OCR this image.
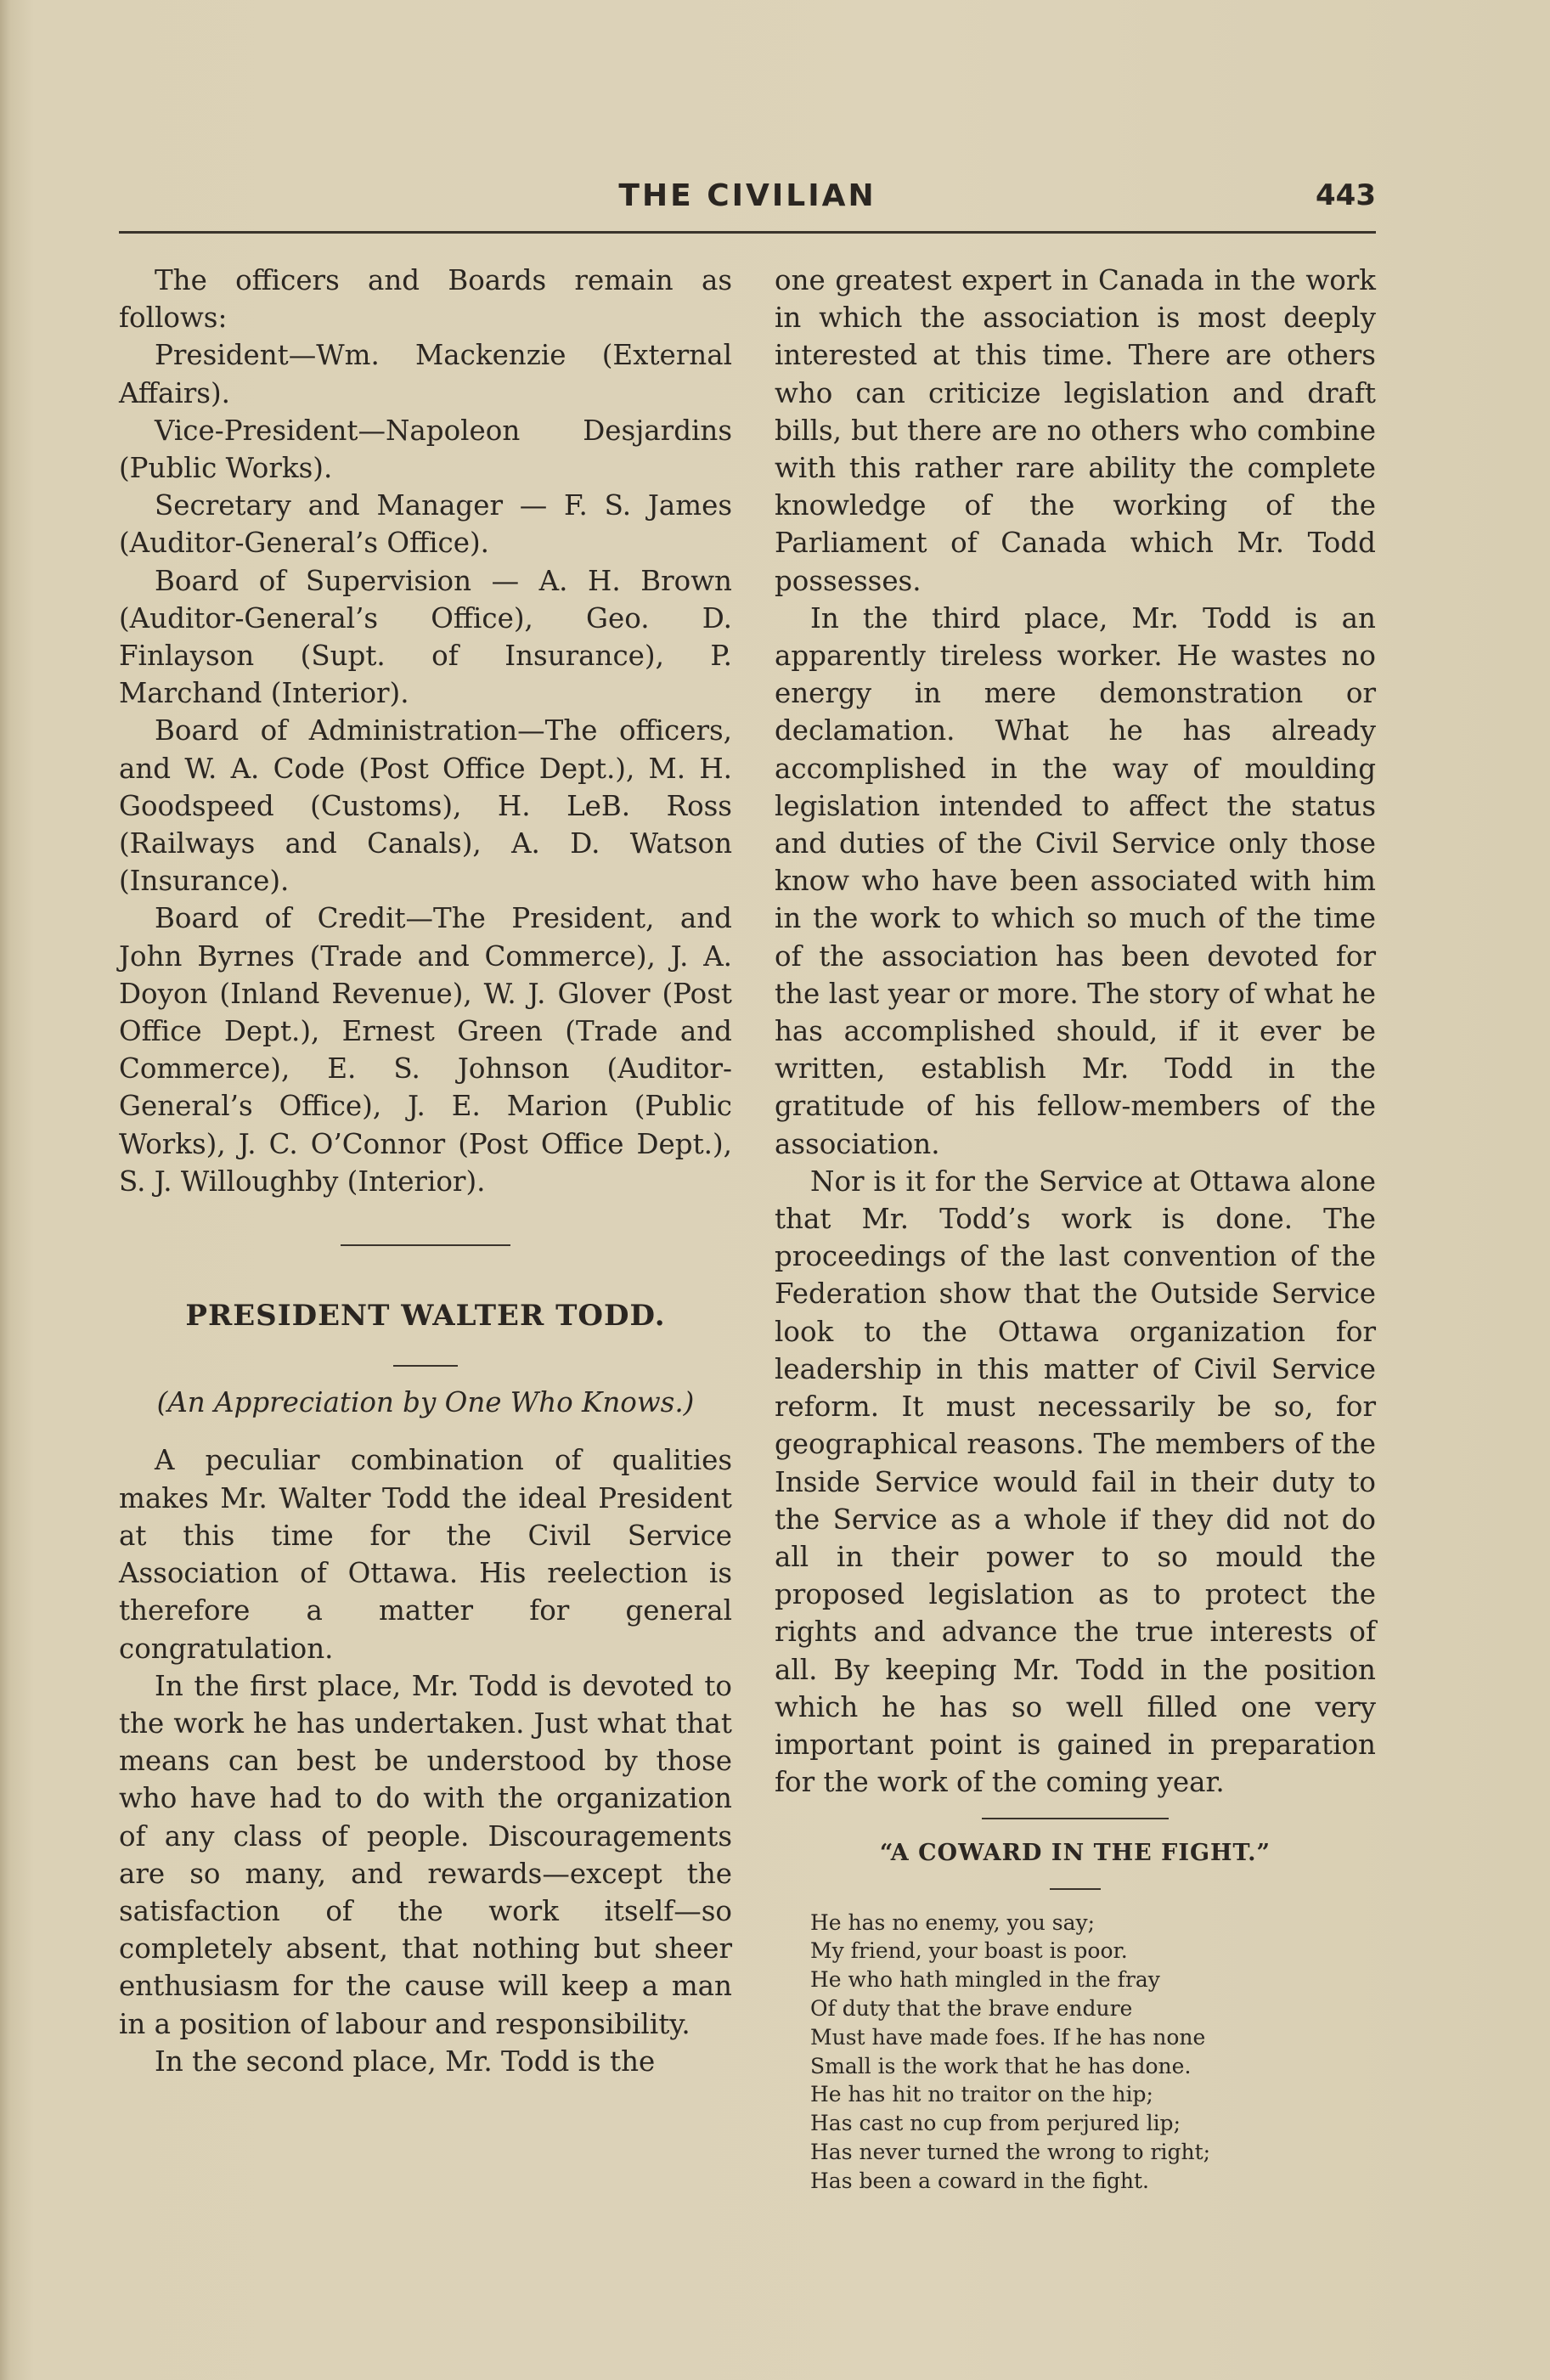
THE CIVILIAN	443

The officers and Boards remain as follows:

President—Wm. Mackenzie (External Affairs).

Vice-President—Napoleon Desjardins (Public Works).

Secretary and Manager — F. S. James (Auditor-General’s Office).

Board of Supervision — A. H. Brown (Auditor-General’s Office), Geo. D. Finlayson (Supt. of Insurance), P. Marchand (Interior).

Board of Administration—The officers, and W. A. Code (Post Office Dept.), M. H. Goodspeed (Customs), H. LeB. Ross (Railways and Canals), A. D. Watson (Insurance).

Board of Credit—The President, and John Byrnes (Trade and Commerce), J. A. Doyon (Inland Revenue), W. J. Glover (Post Office Dept.), Ernest Green (Trade and Commerce), E. S. Johnson (Auditor-General’s Office), J. E. Marion (Public Works), J. C. O’Connor (Post Office Dept.), S. J. Willoughby (Interior).

PRESIDENT WALTER TODD.

(An Appreciation by One Who Knows.)

A peculiar combination of qualities makes Mr. Walter Todd the ideal President at this time for the Civil Service Association of Ottawa. His reelection is therefore a matter for general congratulation.

In the first place, Mr. Todd is devoted to the work he has undertaken. Just what that means can best be understood by those who have had to do with the organization of any class of people. Discouragements are so many, and rewards—except the satisfaction of the work itself—so completely absent, that nothing but sheer enthusiasm for the cause will keep a man in a position of labour and responsibility.

In the second place, Mr. Todd is the

one greatest expert in Canada in the work in which the association is most deeply interested at this time. There are others who can criticize legislation and draft bills, but there are no others who combine with this rather rare ability the complete knowledge of the working of the Parliament of Canada which Mr. Todd possesses.

In the third place, Mr. Todd is an apparently tireless worker. He wastes no energy in mere demonstration or declamation. What he has already accomplished in the way of moulding legislation intended to affect the status and duties of the Civil Service only those know who have been associated with him in the work to which so much of the time of the association has been devoted for the last year or more. The story of what he has accomplished should, if it ever be written, establish Mr. Todd in the gratitude of his fellow-members of the association.

Nor is it for the Service at Ottawa alone that Mr. Todd’s work is done. The proceedings of the last convention of the Federation show that the Outside Service look to the Ottawa organization for leadership in this matter of Civil Service reform. It must necessarily be so, for geographical reasons. The members of the Inside Service would fail in their duty to the Service as a whole if they did not do all in their power to so mould the proposed legislation as to protect the rights and advance the true interests of all. By keeping Mr. Todd in the position which he has so well filled one very important point is gained in preparation for the work of the coming year.

“A COWARD IN THE FIGHT.”

He has no enemy, you say;
My friend, your boast is poor.
He who hath mingled in the fray
Of duty that the brave endure
Must have made foes. If he has none
Small is the work that he has done.
He has hit no traitor on the hip;
Has cast no cup from perjured lip;
Has never turned the wrong to right;
Has been a coward in the fight.
